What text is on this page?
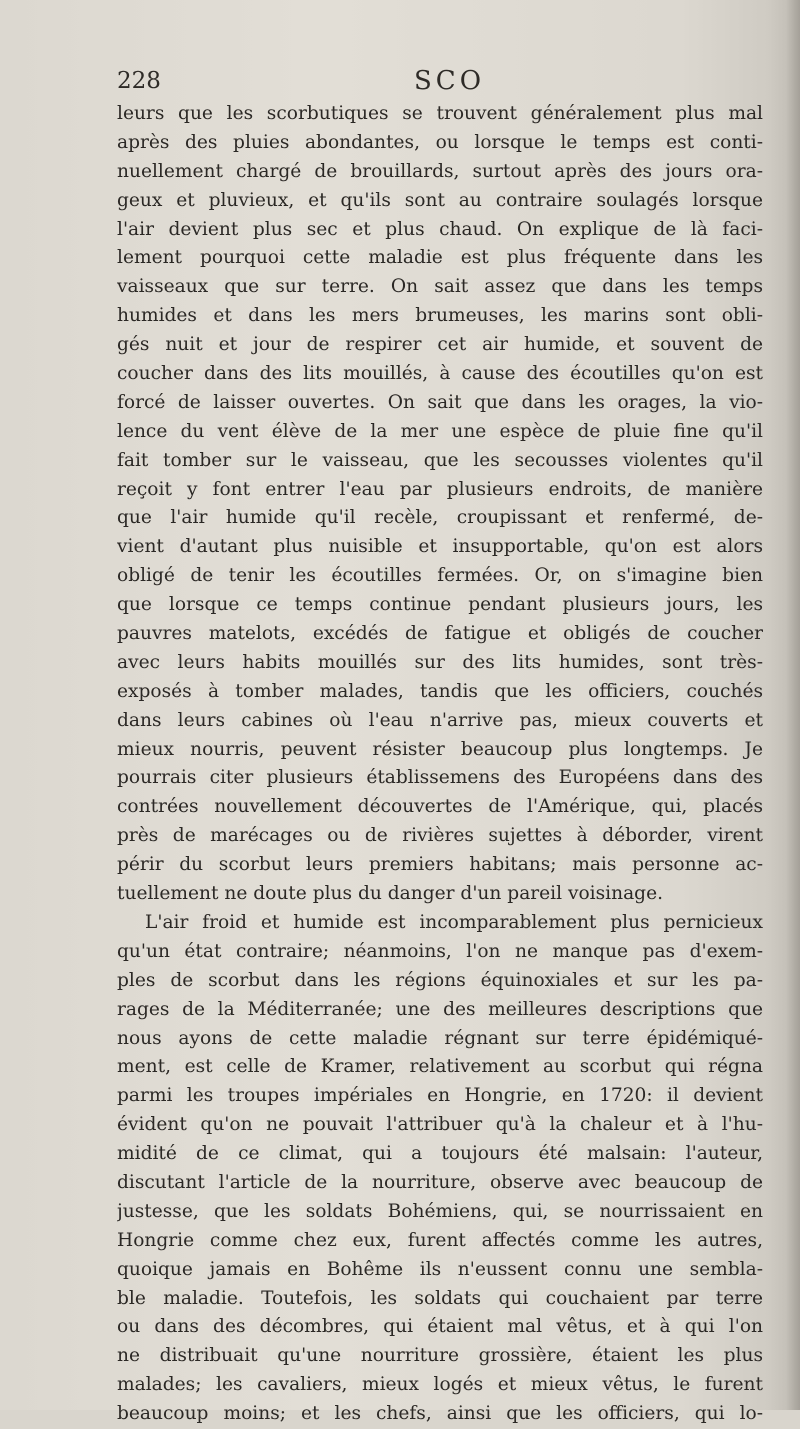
228	SCO
leurs que les scorbutiques se trouvent généralement plus mal
après des pluies abondantes, ou lorsque le temps est conti-
nuellement chargé de brouillards, surtout après des jours ora-
geux et pluvieux, et qu'ils sont au contraire soulagés lorsque
l'air devient plus sec et plus chaud. On explique de là faci-
lement pourquoi cette maladie est plus fréquente dans les
vaisseaux que sur terre. On sait assez que dans les temps
humides et dans les mers brumeuses, les marins sont obli-
gés nuit et jour de respirer cet air humide, et souvent de
coucher dans des lits mouillés, à cause des écoutilles qu'on est
forcé de laisser ouvertes. On sait que dans les orages, la vio-
lence du vent élève de la mer une espèce de pluie fine qu'il
fait tomber sur le vaisseau, que les secousses violentes qu'il
reçoit y font entrer l'eau par plusieurs endroits, de manière
que l'air humide qu'il recèle, croupissant et renfermé, de-
vient d'autant plus nuisible et insupportable, qu'on est alors
obligé de tenir les écoutilles fermées. Or, on s'imagine bien
que lorsque ce temps continue pendant plusieurs jours, les
pauvres matelots, excédés de fatigue et obligés de coucher
avec leurs habits mouillés sur des lits humides, sont très-
exposés à tomber malades, tandis que les officiers, couchés
dans leurs cabines où l'eau n'arrive pas, mieux couverts et
mieux nourris, peuvent résister beaucoup plus longtemps. Je
pourrais citer plusieurs établissemens des Européens dans des
contrées nouvellement découvertes de l'Amérique, qui, placés
près de marécages ou de rivières sujettes à déborder, virent
périr du scorbut leurs premiers habitans; mais personne ac-
tuellement ne doute plus du danger d'un pareil voisinage.
L'air froid et humide est incomparablement plus pernicieux
qu'un état contraire; néanmoins, l'on ne manque pas d'exem-
ples de scorbut dans les régions équinoxiales et sur les pa-
rages de la Méditerranée; une des meilleures descriptions que
nous ayons de cette maladie régnant sur terre épidémiqué-
ment, est celle de Kramer, relativement au scorbut qui régna
parmi les troupes impériales en Hongrie, en 1720: il devient
évident qu'on ne pouvait l'attribuer qu'à la chaleur et à l'hu-
midité de ce climat, qui a toujours été malsain: l'auteur,
discutant l'article de la nourriture, observe avec beaucoup de
justesse, que les soldats Bohémiens, qui, se nourrissaient en
Hongrie comme chez eux, furent affectés comme les autres,
quoique jamais en Bohême ils n'eussent connu une sembla-
ble maladie. Toutefois, les soldats qui couchaient par terre
ou dans des décombres, qui étaient mal vêtus, et à qui l'on
ne distribuait qu'une nourriture grossière, étaient les plus
malades; les cavaliers, mieux logés et mieux vêtus, le furent
beaucoup moins; et les chefs, ainsi que les officiers, qui lo-
